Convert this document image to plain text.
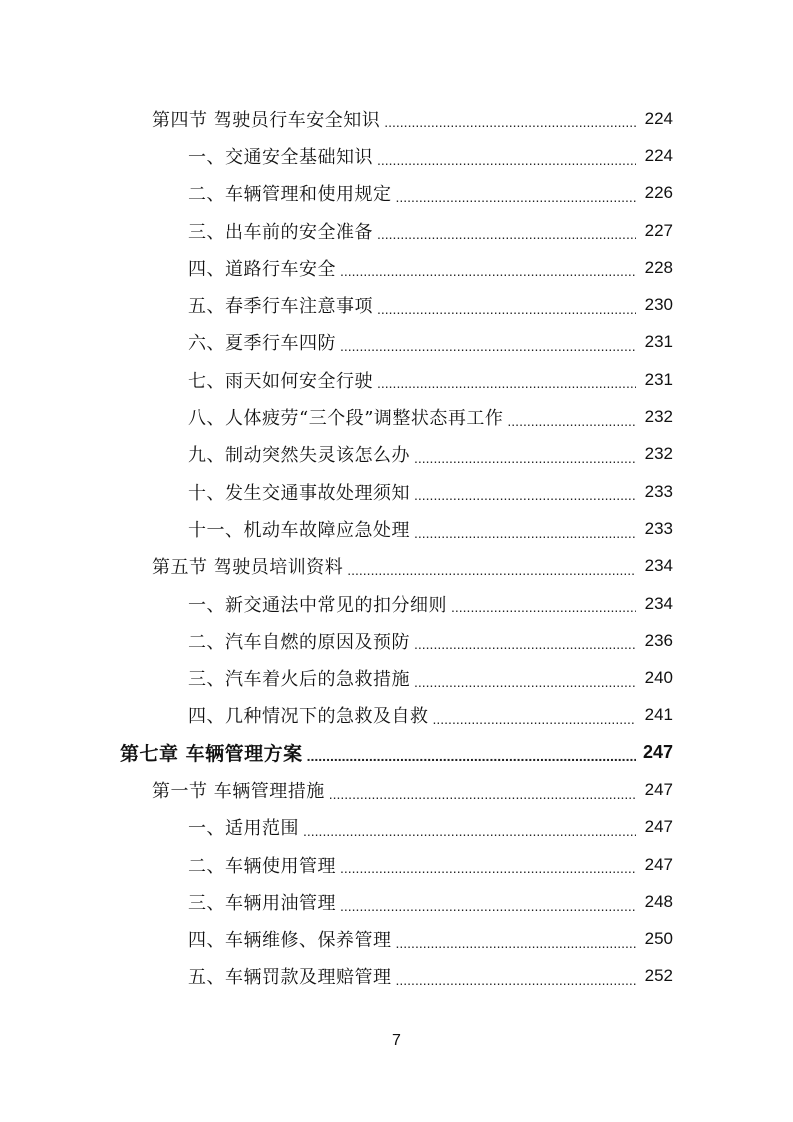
第四节 驾驶员行车安全知识 .....	224
一、交通安全基础知识 .....	224
二、车辆管理和使用规定 .....	226
三、出车前的安全准备 .....	227
四、道路行车安全 .....	228
五、春季行车注意事项 .....	230
六、夏季行车四防 .....	231
七、雨天如何安全行驶 .....	231
八、人体疲劳“三个段”调整状态再工作 .....	232
九、制动突然失灵该怎么办 .....	232
十、发生交通事故处理须知 .....	233
十一、机动车故障应急处理 .....	233
第五节 驾驶员培训资料 .....	234
一、新交通法中常见的扣分细则 .....	234
二、汽车自燃的原因及预防 .....	236
三、汽车着火后的急救措施 .....	240
四、几种情况下的急救及自救 .....	241
第七章 车辆管理方案 .....	247
第一节 车辆管理措施 .....	247
一、适用范围 .....	247
二、车辆使用管理 .....	247
三、车辆用油管理 .....	248
四、车辆维修、保养管理 .....	250
五、车辆罚款及理赔管理 .....	252
7
